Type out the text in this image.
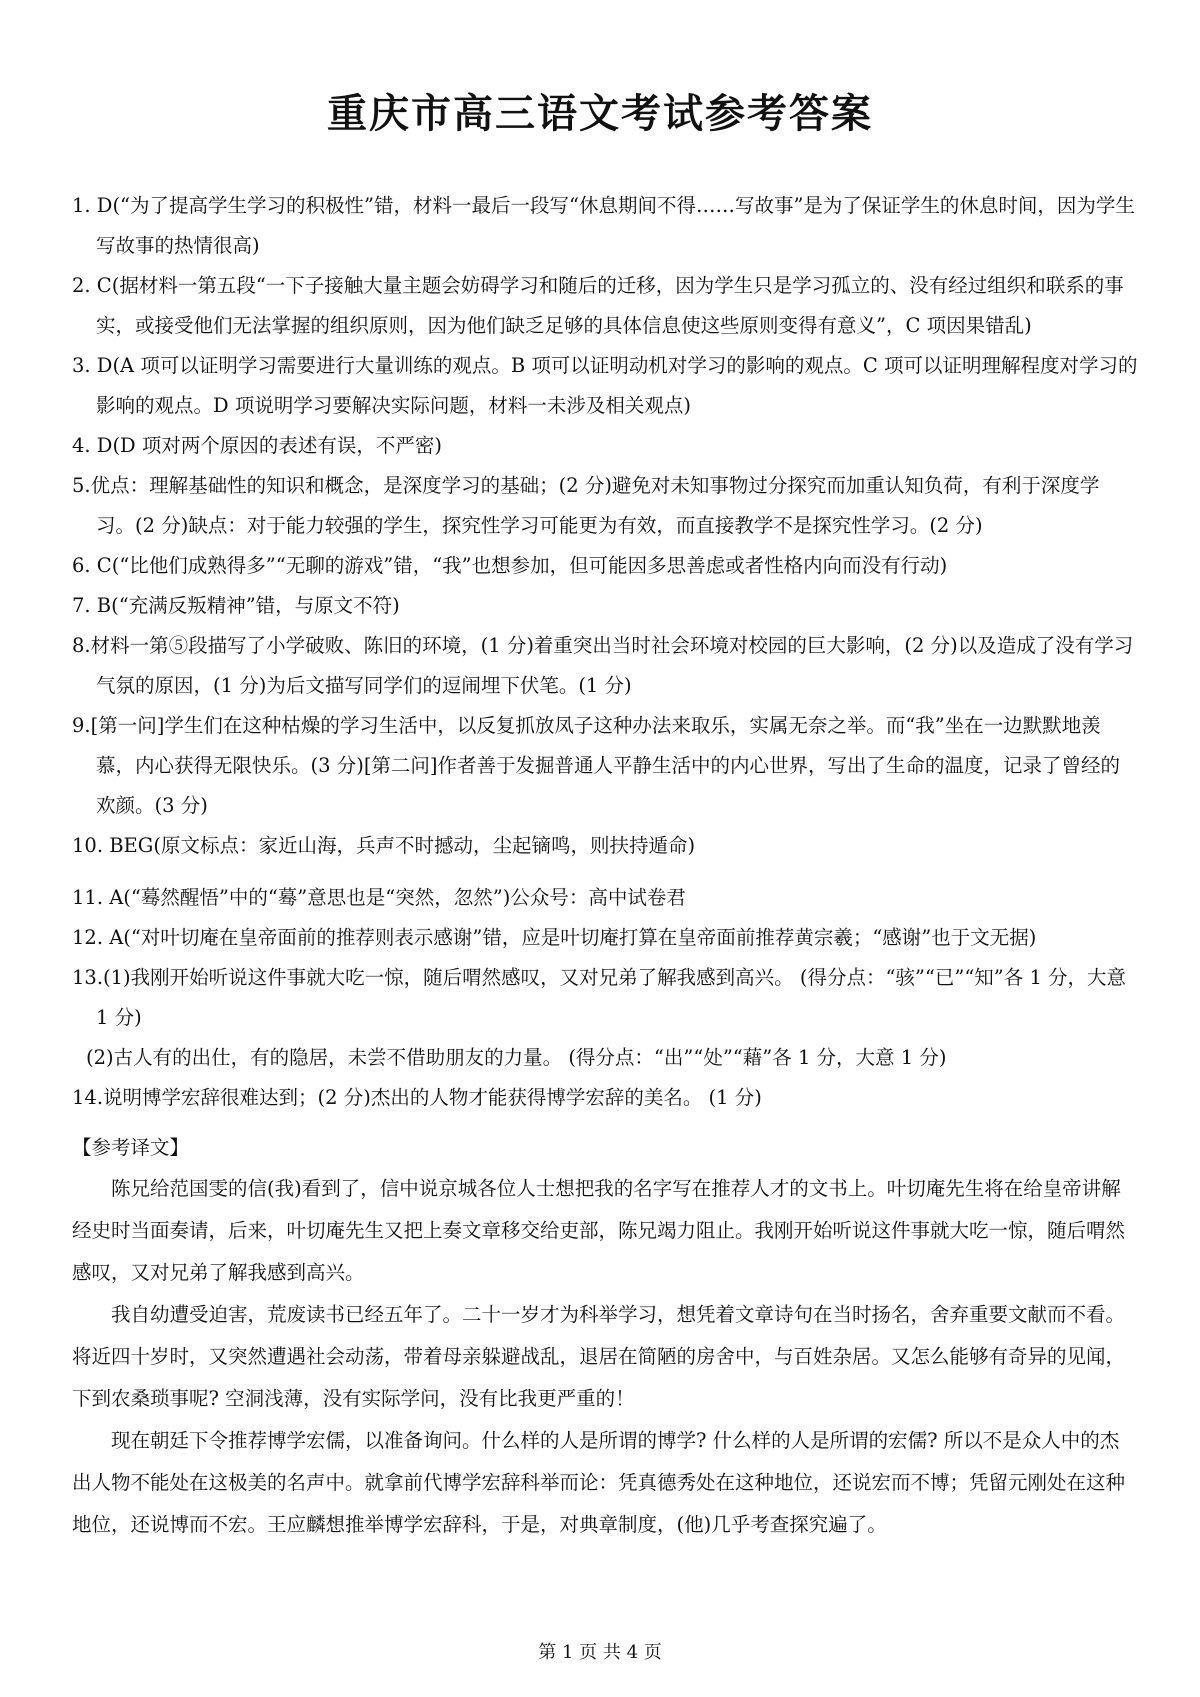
重庆市高三语文考试参考答案

1. D(“为了提高学生学习的积极性”错，材料一最后一段写“休息期间不得……写故事”是为了保证学生的休息时间，因为学生写故事的热情很高)

2. C(据材料一第五段“一下子接触大量主题会妨碍学习和随后的迁移，因为学生只是学习孤立的、没有经过组织和联系的事实，或接受他们无法掌握的组织原则，因为他们缺乏足够的具体信息使这些原则变得有意义”，C 项因果错乱)

3. D(A 项可以证明学习需要进行大量训练的观点。B 项可以证明动机对学习的影响的观点。C 项可以证明理解程度对学习的影响的观点。D 项说明学习要解决实际问题，材料一未涉及相关观点)

4. D(D 项对两个原因的表述有误，不严密)

5.优点：理解基础性的知识和概念，是深度学习的基础；(2 分)避免对未知事物过分探究而加重认知负荷，有利于深度学习。(2 分)缺点：对于能力较强的学生，探究性学习可能更为有效，而直接教学不是探究性学习。(2 分)

6. C(“比他们成熟得多”“无聊的游戏”错，“我”也想参加，但可能因多思善虑或者性格内向而没有行动)

7. B(“充满反叛精神”错，与原文不符)

8.材料一第⑤段描写了小学破败、陈旧的环境，(1 分)着重突出当时社会环境对校园的巨大影响，(2 分)以及造成了没有学习气氛的原因，(1 分)为后文描写同学们的逗闹埋下伏笔。(1 分)

9.[第一问]学生们在这种枯燥的学习生活中，以反复抓放凤子这种办法来取乐，实属无奈之举。而“我”坐在一边默默地羡慕，内心获得无限快乐。(3 分)[第二问]作者善于发掘普通人平静生活中的内心世界，写出了生命的温度，记录了曾经的欢颜。(3 分)

10. BEG(原文标点：家近山海，兵声不时撼动，尘起镝鸣，则扶持遁命)

11. A(“蓦然醒悟”中的“蓦”意思也是“突然，忽然”)公众号：高中试卷君

12. A(“对叶切庵在皇帝面前的推荐则表示感谢”错，应是叶切庵打算在皇帝面前推荐黄宗羲；“感谢”也于文无据)

13.(1)我刚开始听说这件事就大吃一惊，随后喟然感叹，又对兄弟了解我感到高兴。 (得分点：“骇”“已”“知”各 1 分，大意 1 分)

(2)古人有的出仕，有的隐居，未尝不借助朋友的力量。 (得分点：“出”“处”“藉”各 1 分，大意 1 分)

14.说明博学宏辞很难达到；(2 分)杰出的人物才能获得博学宏辞的美名。 (1 分)

【参考译文】

陈兄给范国雯的信(我)看到了，信中说京城各位人士想把我的名字写在推荐人才的文书上。叶切庵先生将在给皇帝讲解经史时当面奏请，后来，叶切庵先生又把上奏文章移交给吏部，陈兄竭力阻止。我刚开始听说这件事就大吃一惊，随后喟然感叹，又对兄弟了解我感到高兴。

我自幼遭受迫害，荒废读书已经五年了。二十一岁才为科举学习，想凭着文章诗句在当时扬名，舍弃重要文献而不看。将近四十岁时，又突然遭遇社会动荡，带着母亲躲避战乱，退居在简陋的房舍中，与百姓杂居。又怎么能够有奇异的见闻，下到农桑琐事呢? 空洞浅薄，没有实际学问，没有比我更严重的！

现在朝廷下令推荐博学宏儒，以准备询问。什么样的人是所谓的博学? 什么样的人是所谓的宏儒? 所以不是众人中的杰出人物不能处在这极美的名声中。就拿前代博学宏辞科举而论：凭真德秀处在这种地位，还说宏而不博；凭留元刚处在这种地位，还说博而不宏。王应麟想推举博学宏辞科，于是，对典章制度，(他)几乎考查探究遍了。

第 1 页 共 4 页
